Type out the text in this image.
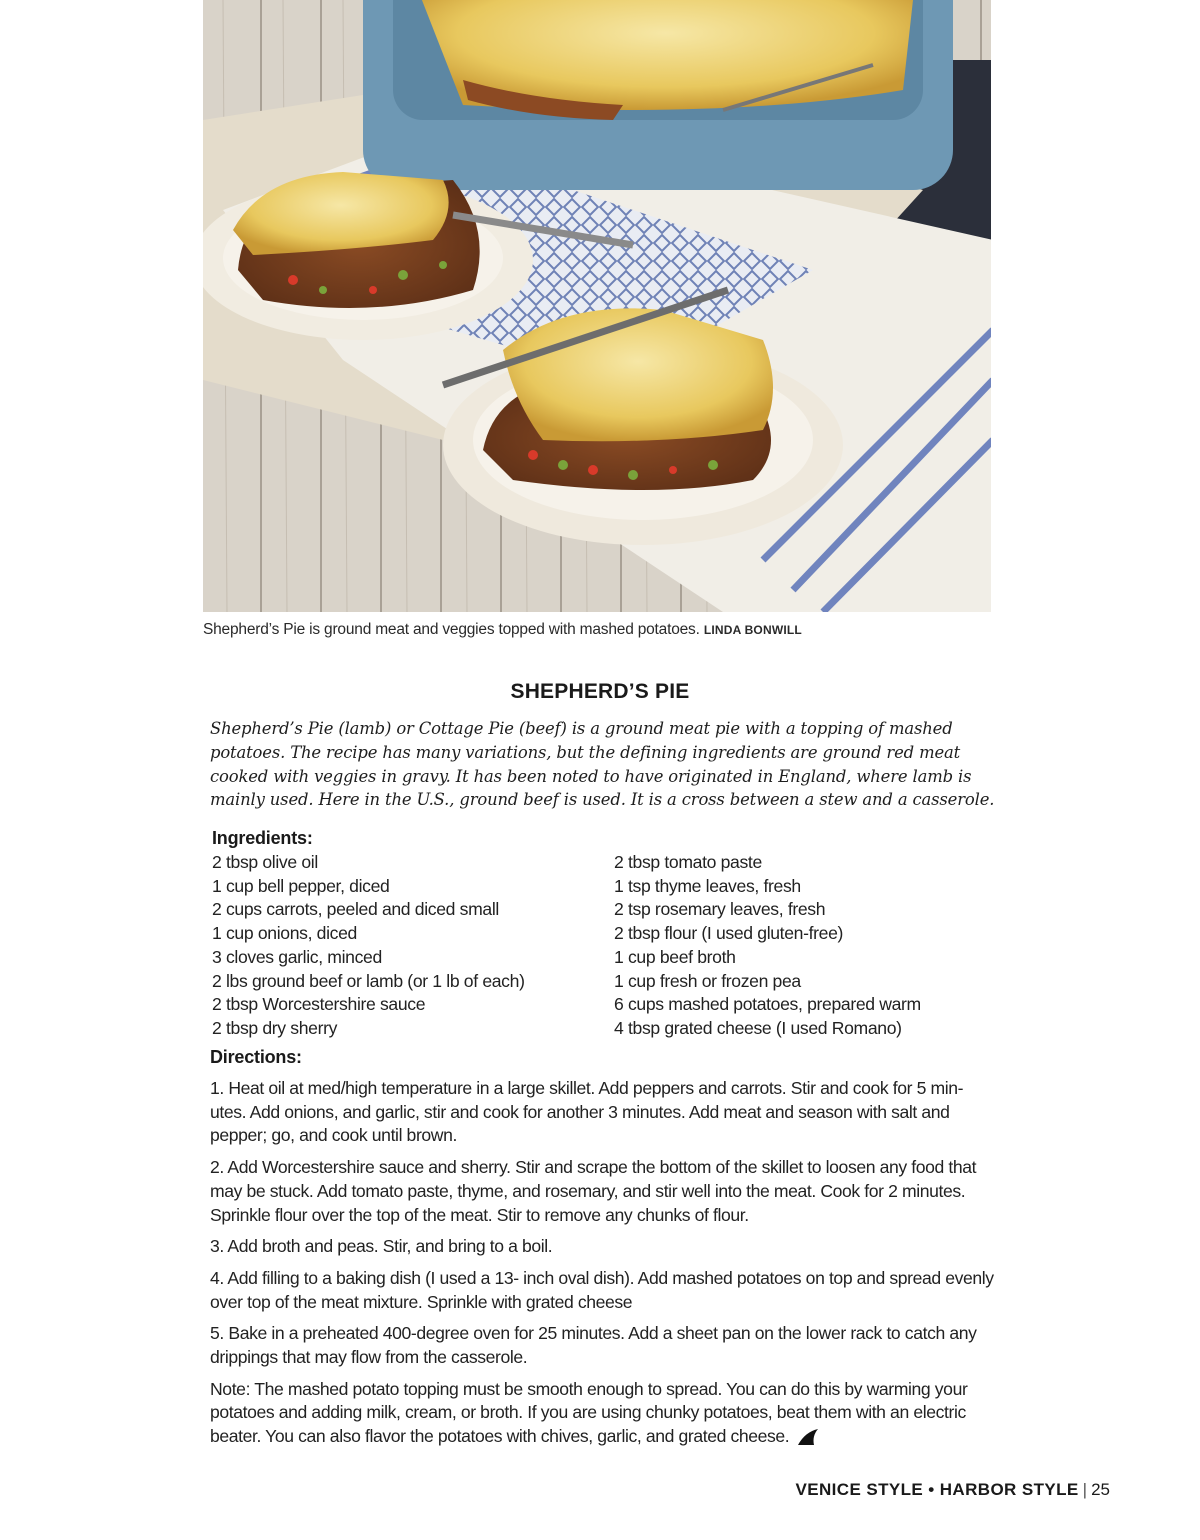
Shepherd’s Pie is ground meat and veggies topped with mashed potatoes. LINDA BONWILL
SHEPHERD’S PIE
Shepherd’s Pie (lamb) or Cottage Pie (beef) is a ground meat pie with a topping of mashed potatoes. The recipe has many variations, but the defining ingredients are ground red meat cooked with veggies in gravy. It has been noted to have originated in England, where lamb is mainly used. Here in the U.S., ground beef is used. It is a cross between a stew and a casserole.
Ingredients:
2 tbsp olive oil
1 cup bell pepper, diced
2 cups carrots, peeled and diced small
1 cup onions, diced
3 cloves garlic, minced
2 lbs ground beef or lamb (or 1 lb of each)
2 tbsp Worcestershire sauce
2 tbsp dry sherry
2 tbsp tomato paste
1 tsp thyme leaves, fresh
2 tsp rosemary leaves, fresh
2 tbsp flour (I used gluten-free)
1 cup beef broth
1 cup fresh or frozen pea
6 cups mashed potatoes, prepared warm
4 tbsp grated cheese (I used Romano)
Directions:

1. Heat oil at med/high temperature in a large skillet. Add peppers and carrots. Stir and cook for 5 min- utes. Add onions, and garlic, stir and cook for another 3 minutes. Add meat and season with salt and pepper; go, and cook until brown.

2. Add Worcestershire sauce and sherry. Stir and scrape the bottom of the skillet to loosen any food that may be stuck. Add tomato paste, thyme, and rosemary, and stir well into the meat. Cook for 2 minutes. Sprinkle flour over the top of the meat. Stir to remove any chunks of flour.

3. Add broth and peas. Stir, and bring to a boil.

4. Add filling to a baking dish (I used a 13- inch oval dish). Add mashed potatoes on top and spread evenly over top of the meat mixture. Sprinkle with grated cheese

5. Bake in a preheated 400-degree oven for 25 minutes. Add a sheet pan on the lower rack to catch any drippings that may flow from the casserole.

Note: The mashed potato topping must be smooth enough to spread. You can do this by warming your potatoes and adding milk, cream, or broth. If you are using chunky potatoes, beat them with an electric beater. You can also flavor the potatoes with chives, garlic, and grated cheese.

VENICE STYLE • HARBOR STYLE | 25
